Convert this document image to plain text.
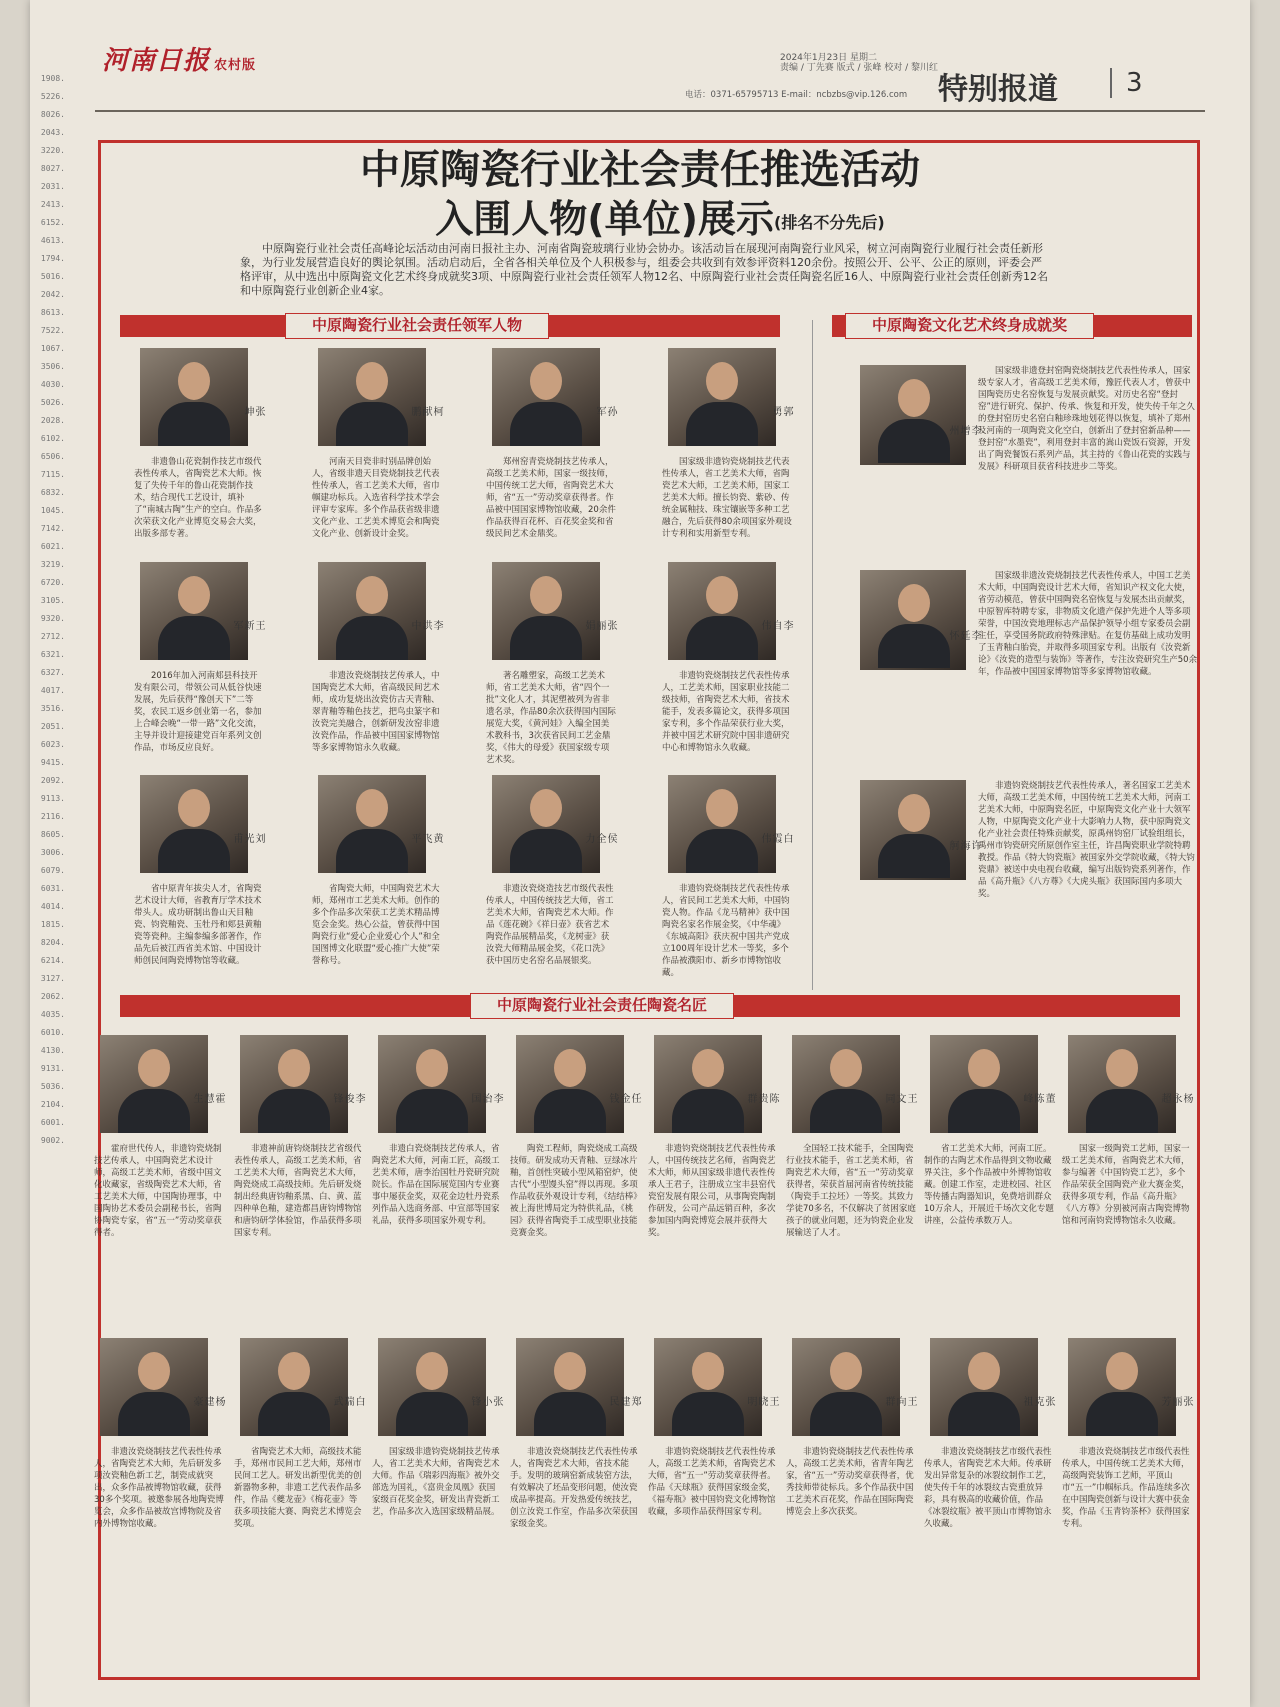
1908.
5226.
8026.
2043.
3220.
8027.
2031.
2413.
6152.
4613.
1794.
5016.
2042.
8613.
7522.
1067.
3506.
4030.
5026.
2028.
6102.
6506.
7115.
6832.
1045.
7142.
6021.
3219.
6720.
3105.
9320.
2712.
6321.
6327.
4017.
3516.
2051.
6023.
9415.
2092.
9113.
2116.
8605.
3006.
6079.
6031.
4014.
1815.
8204.
6214.
3127.
2062.
4035.
6010.
4130.
9131.
5036.
2104.
6001.
9002.
河南日报 农村版	2024年1月23日 星期二
责编 / 丁先赛 版式 / 张峰 校对 / 黎川红
电话：0371-65795713 E-mail：ncbzbs@vip.126.com 特别报道	3
中原陶瓷行业社会责任推选活动
入围人物(单位)展示(排名不分先后)
中原陶瓷行业社会责任高峰论坛活动由河南日报社主办、河南省陶瓷玻璃行业协会协办。该活动旨在展现河南陶瓷行业风采，树立河南陶瓷行业履行社会责任新形象，为行业发展营造良好的舆论氛围。活动启动后，全省各相关单位及个人积极参与，组委会共收到有效参评资料120余份。按照公开、公平、公正的原则，评委会严格评审，从中选出中原陶瓷文化艺术终身成就奖3项、中原陶瓷行业社会责任领军人物12名、中原陶瓷行业社会责任陶瓷名匠16人、中原陶瓷行业社会责任创新秀12名和中原陶瓷行业创新企业4家。
中原陶瓷行业社会责任领军人物	中原陶瓷文化艺术终身成就奖
中原陶瓷行业社会责任陶瓷名匠
张坤
非遗鲁山花瓷制作技艺市级代表性传承人，省陶瓷艺术大师。恢复了失传千年的鲁山花瓷制作技术，结合现代工艺设计，填补了“南城古陶”生产的空白。作品多次荣获文化产业博览交易会大奖，出版多部专著。
柯献鹏
河南天目瓷非时别品牌创始人，省级非遗天目瓷烧制技艺代表性传承人，省工艺美术大师，省巾帼建功标兵。入选省科学技术学会评审专家库。多个作品获省级非遗文化产业、工艺美术博览会和陶瓷文化产业、创新设计金奖。
孙军
郑州窑青瓷烧制技艺传承人，高级工艺美术师，国家一级技师，中国传统工艺大师，省陶瓷艺术大师，省“五一”劳动奖章获得者。作品被中国国家博物馆收藏，20余件作品获得百花杯、百花奖金奖和省级民间艺术金鼎奖。
郭勇
国家级非遗钧瓷烧制技艺代表性传承人，省工艺美术大师，省陶瓷艺术大师，工艺美术师，国家工艺美术大师。擅长钧瓷、紫砂、传统金属釉技、珠宝镶嵌等多种工艺融合，先后获得80余项国家外观设计专利和实用新型专利。
王新军
2016年加入河南郏县科技开发有限公司，带领公司从低谷快速发展，先后获得“豫创天下”二等奖，农民工返乡创业第一名，参加上合峰会晚“一带一路”文化交流，主导并设计迎接建党百年系列文创作品，市场反应良好。
李洪中
非遗汝瓷烧制技艺传承人，中国陶瓷艺术大师，省高级民间艺术师，成功复烧出汝瓷仿古天青釉、翠青釉等釉色技艺，把鸟虫篆字和汝瓷完美融合，创新研发汝窑非遗汝瓷作品，作品被中国国家博物馆等多家博物馆永久收藏。
张丽娟
著名雕塑家，高级工艺美术师，省工艺美术大师，省“四个一批”文化人才，其泥塑被列为省非遗名录，作品80余次获得国内国际展览大奖，《黄河娃》入编全国美术教科书，3次获省民间工艺金鼎奖，《伟大的母爱》获国家级专项艺术奖。
李自伟
非遗钧瓷烧制技艺代表性传承人，工艺美术师，国家职业技能二级技师，省陶瓷艺术大师，省技术能手，发表多篇论文，获得多项国家专利，多个作品荣获行业大奖，并被中国艺术研究院中国非遗研究中心和博物馆永久收藏。
刘光甫
省中原青年拔尖人才，省陶瓷艺术设计大师，省教育厅学术技术带头人。成功研制出鲁山天目釉瓷、钧瓷釉瓷、玉牡丹和郏县黄釉瓷等瓷种。主编参编多部著作，作品先后被江西省美术馆、中国设计师创民间陶瓷博物馆等收藏。
黄飞平
省陶瓷大师，中国陶瓷艺术大师，郑州市工艺美术大师。创作的多个作品多次荣获工艺美术精品博览会金奖。热心公益，曾获得中国陶瓷行业“爱心企业爱心个人”和全国图博文化联盟“爱心推广大使”荣誉称号。
侯全力
非遗汝瓷烧造技艺市级代表性传承人，中国传统技艺大师，省工艺美术大师，省陶瓷艺术大师。作品《莲花碗》《祥日壶》获省艺术陶瓷作品展精品奖，《龙树壶》获汝瓷大师精品展金奖，《花口洗》获中国历史名窑名品展银奖。
白霞伟
非遗钧瓷烧制技艺代表性传承人，省民间工艺美术大师，中国钧瓷人物。作品《龙马精神》获中国陶瓷名家名作展金奖，《中华魂》《东城高阳》获庆祝中国共产党成立100周年设计艺术一等奖，多个作品被濮阳市、新乡市博物馆收藏。
李增州
国家级非遗登封窑陶瓷烧制技艺代表性传承人，国家级专家人才，省高级工艺美术师，豫匠代表人才，曾获中国陶瓷历史名窑恢复与发展贡献奖。对历史名窑“登封窑”进行研究、保护、传承、恢复和开发，使失传千年之久的登封窑历史名窑白釉珍珠地划花得以恢复，填补了郑州及河南的一项陶瓷文化空白，创新出了登封窑新品种——登封窑“水墨瓷”，利用登封丰富的嵩山瓷饭石资源，开发出了陶瓷餐饭石系列产品，其主持的《鲁山花瓷的实践与发展》科研项目获省科技进步二等奖。
李廷怀
国家级非遗汝瓷烧制技艺代表性传承人，中国工艺美术大师，中国陶瓷设计艺术大师，省知识产权文化大使，省劳动模范，曾获中国陶瓷名窑恢复与发展杰出贡献奖，中原智库特聘专家，非物质文化遗产保护先进个人等多项荣誉，中国汝瓷地理标志产品保护领导小组专家委员会副主任，享受国务院政府特殊津贴。在复仿基础上成功发明了玉青釉白胎瓷，并取得多项国家专利。出版有《汝瓷新论》《汝瓷的造型与装饰》等著作，专注汝瓷研究生产50余年，作品被中国国家博物馆等多家博物馆收藏。
许海舸
非遗钧瓷烧制技艺代表性传承人，著名国家工艺美术大师，高级工艺美术师，中国传统工艺美术大师，河南工艺美术大师，中原陶瓷名匠，中原陶瓷文化产业十大领军人物，中原陶瓷文化产业十大影响力人物，获中原陶瓷文化产业社会责任特殊贡献奖，原禹州钧窑厂试验组组长，禹州市钧瓷研究所原创作室主任，许昌陶瓷职业学院特聘教授。作品《特大钧瓷瓶》被国家外交学院收藏，《特大钧瓷鼎》被送中央电视台收藏，编写出版钧瓷系列著作，作品《高升瓶》《八方尊》《大虎头瓶》获国际国内多项大奖。
霍慧生
霍府世代传人，非遗钧瓷烧制技艺传承人，中国陶瓷艺术设计师，高级工艺美术师，省级中国文化收藏家，省级陶瓷艺术大师，省工艺美术大师，中国陶协理事，中国陶协艺术委员会副秘书长，省陶协陶瓷专家，省“五一”劳动奖章获得者。
李俊锋
非遗神前唐钧烧制技艺省级代表性传承人，高级工艺美术师，省工艺美术大师，省陶瓷艺术大师，陶瓷烧成工高级技师。先后研发烧制出经典唐钧釉系黑、白、黄、蓝四种单色釉，建造都昌唐钧博物馆和唐钧研学体验馆，作品获得多项国家专利。
李治国
非遗白瓷烧制技艺传承人，省陶瓷艺术大师，河南工匠，高级工艺美术师，唐李治国牡丹瓷研究院院长。作品在国际展览国内专业赛事中屡获金奖，双花金边牡丹瓷系列作品入选商务部、中宣部等国家礼品，获得多项国家外观专利。
任金钱
陶瓷工程师，陶瓷烧成工高级技师。研发成功天青釉、豆绿冰片釉，首创性突破小型风箱窑炉，使古代“小型馒头窑”得以再现。多项作品收获外观设计专利，《结结棒》被上海世博局定为特供礼品，《桃园》获得省陶瓷手工成型职业技能竞赛金奖。
陈贵群
非遗钧瓷烧制技艺代表性传承人，中国传统技艺名师，省陶瓷艺术大师，师从国家级非遗代表性传承人王君子，注册成立宝丰县窑代瓷窑发展有限公司，从事陶瓷陶制作研发，公司产品远销百种，多次参加国内陶瓷博览会展并获得大奖。
王文同
全国轻工技术能手，全国陶瓷行业技术能手，省工艺美术师，省陶瓷艺术大师，省“五一”劳动奖章获得者，荣获首届河南省传统技能（陶瓷手工拉坯）一等奖。其致力学徒70多名，不仅解决了贫困家庭孩子的就业问题，还为钧瓷企业发展输送了人才。
董陈峰
省工艺美术大师，河南工匠。制作的古陶艺术作品得到文物收藏界关注，多个作品被中外博物馆收藏。创建工作室，走进校园、社区等传播古陶器知识，免费培训群众10万余人，开展近千场次文化专题讲座，公益传承数万人。
杨永超
国家一级陶瓷工艺师，国家一级工艺美术师，省陶瓷艺术大师，参与编著《中国钧瓷工艺》，多个作品荣获全国陶瓷产业大赛金奖，获得多项专利，作品《高升瓶》《八方尊》分别被河南古陶瓷博物馆和河南钧瓷博物馆永久收藏。
杨建豪
非遗汝瓷烧制技艺代表性传承人，省陶瓷艺术大师，先后研发多项汝瓷釉色新工艺，制瓷成就突出，众多作品被博物馆收藏，获得30多个奖项。被邀参展各地陶瓷博览会，众多作品被故宫博物院及省内外博物馆收藏。
白瑞武
省陶瓷艺术大师，高级技术能手，郑州市民间工艺大师，郑州市民间工艺人。研发出新型优美的创新器物多种，非遗工艺代表作品多件，作品《夔龙壶》《梅花壶》等获多项技能大赛、陶瓷艺术博览会奖项。
张小锋
国家级非遗钧瓷烧制技艺传承人，省工艺美术大师，省陶瓷艺术大师。作品《瑞彩四海瓶》被外交部选为国礼，《富贵金凤凰》获国家级百花奖金奖，研发出青瓷新工艺，作品多次入选国家级精品展。
郑建民
非遗汝瓷烧制技艺代表性传承人，省陶瓷艺术大师，省技术能手。发明的玻璃窑新成装窑方法，有效解决了坯品变形问题，使汝瓷成品率提高。开发热爱传统技艺，创立汝瓷工作室，作品多次荣获国家级金奖。
王晓明
非遗钧瓷烧制技艺代表性传承人，高级工艺美术师，省陶瓷艺术大师，省“五一”劳动奖章获得者。作品《天球瓶》获得国家级金奖，《福寿瓶》被中国钧瓷文化博物馆收藏，多项作品获得国家专利。
王向群
非遗钧瓷烧制技艺代表性传承人，高级工艺美术师，省青年陶艺家，省“五一”劳动奖章获得者，优秀技师带徒标兵。多个作品获中国工艺美术百花奖，作品在国际陶瓷博览会上多次获奖。
张克祖
非遗汝瓷烧制技艺市级代表性传承人，省陶瓷艺术大师。传承研发出异常复杂的冰裂纹制作工艺，使失传千年的冰裂纹古瓷重放异彩，具有极高的收藏价值，作品《冰裂纹瓶》被平顶山市博物馆永久收藏。
张丽芳
非遗汝瓷烧制技艺市级代表性传承人，中国传统工艺美术大师，高级陶瓷装饰工艺师，平顶山市“五一”巾帼标兵。作品连续多次在中国陶瓷创新与设计大赛中获金奖，作品《玉青钧茶杯》获得国家专利。
